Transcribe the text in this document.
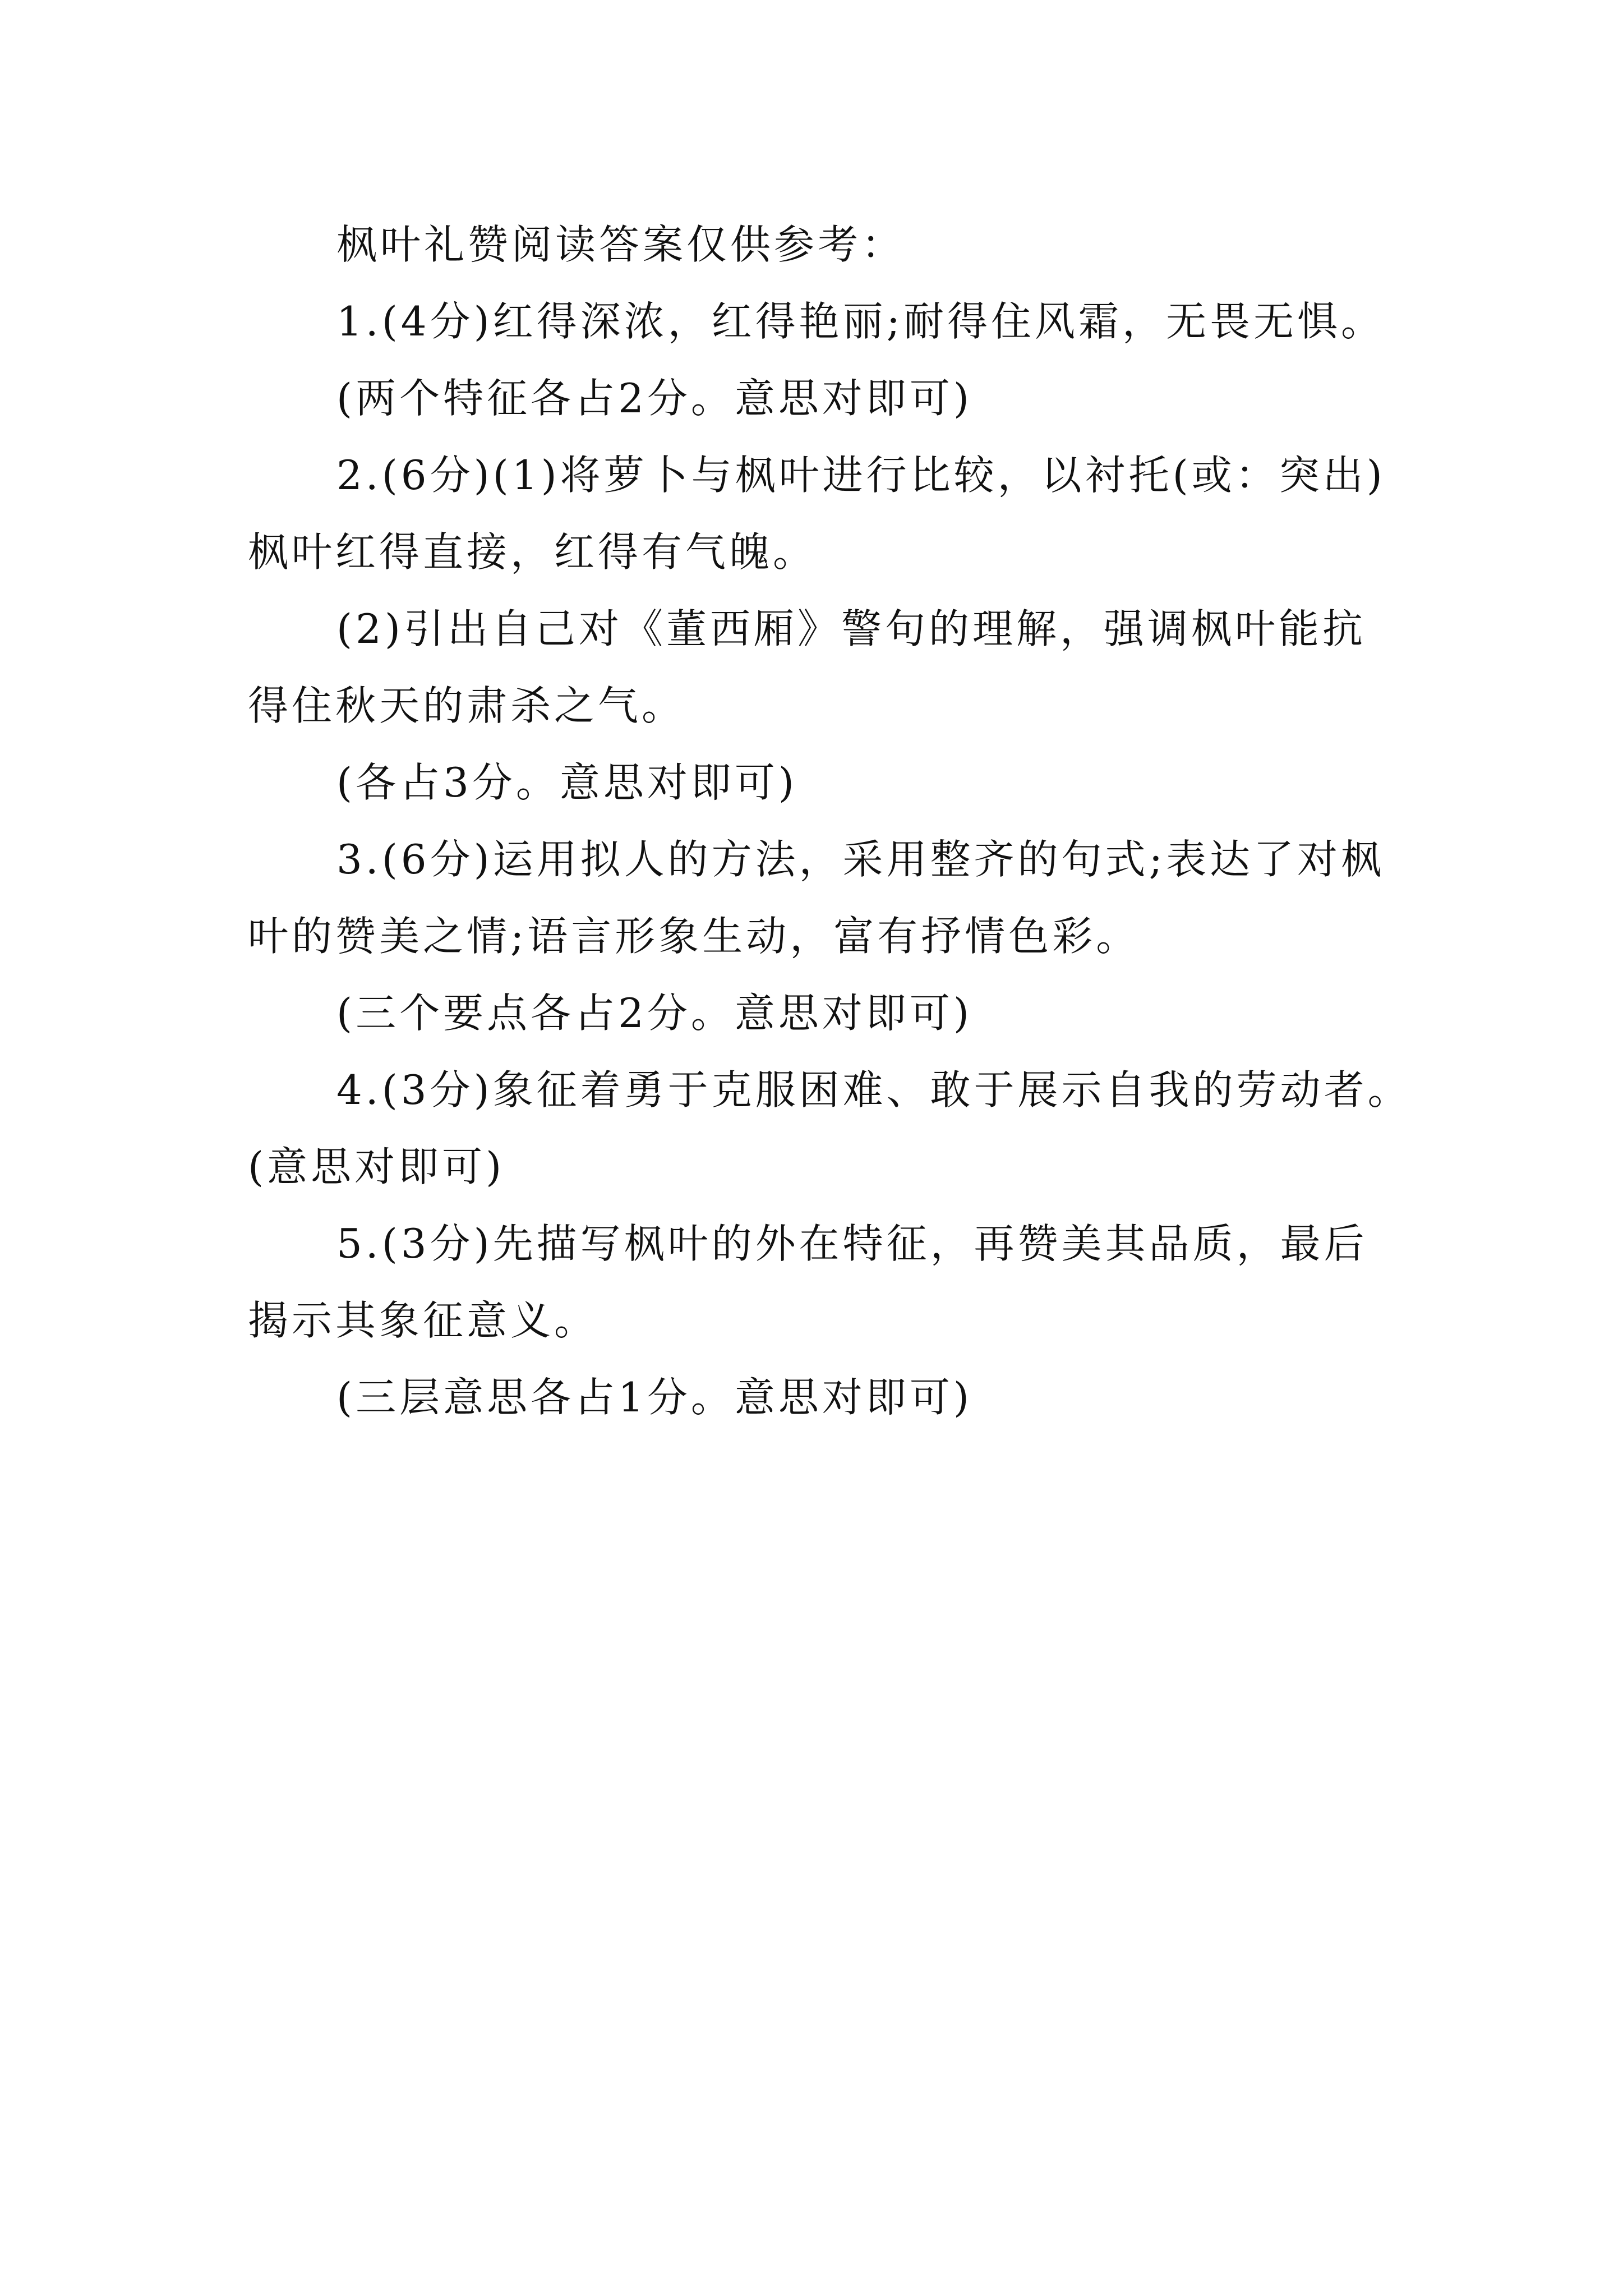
枫叶礼赞阅读答案仅供参考：
1.(4分)红得深浓，红得艳丽;耐得住风霜，无畏无惧。
(两个特征各占2分。意思对即可)
2.(6分)(1)将萝卜与枫叶进行比较，以衬托(或：突出)
枫叶红得直接，红得有气魄。
(2)引出自己对《董西厢》警句的理解，强调枫叶能抗
得住秋天的肃杀之气。
(各占3分。意思对即可)
3.(6分)运用拟人的方法，采用整齐的句式;表达了对枫
叶的赞美之情;语言形象生动，富有抒情色彩。
(三个要点各占2分。意思对即可)
4.(3分)象征着勇于克服困难、敢于展示自我的劳动者。
(意思对即可)
5.(3分)先描写枫叶的外在特征，再赞美其品质，最后
揭示其象征意义。
(三层意思各占1分。意思对即可)
